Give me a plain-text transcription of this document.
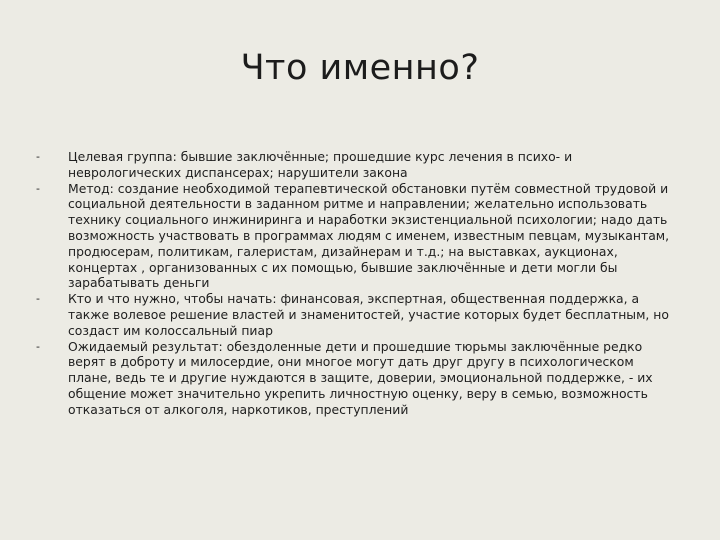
Что именно?
- Целевая группа: бывшие заключённые; прошедшие курс лечения в психо- и неврологических диспансерах; нарушители закона
- Метод: создание необходимой терапевтической обстановки путём совместной трудовой и социальной деятельности в заданном ритме и направлении; желательно использовать технику социального инжиниринга и наработки экзистенциальной психологии; надо дать возможность участвовать в программах людям с именем, известным певцам, музыкантам, продюсерам, политикам, галеристам, дизайнерам и т.д.; на выставках, аукционах, концертах , организованных с их помощью, бывшие заключённые и дети могли бы зарабатывать деньги
- Кто и что нужно, чтобы начать: финансовая, экспертная, общественная поддержка, а также волевое решение властей и знаменитостей, участие которых будет бесплатным, но создаст им колоссальный пиар
- Ожидаемый результат: обездоленные дети и прошедшие тюрьмы заключённые редко верят в доброту и милосердие, они многое могут дать друг другу в психологическом плане, ведь те и другие нуждаются в защите, доверии, эмоциональной поддержке, - их общение может значительно укрепить личностную оценку, веру в семью, возможность отказаться от алкоголя, наркотиков, преступлений
